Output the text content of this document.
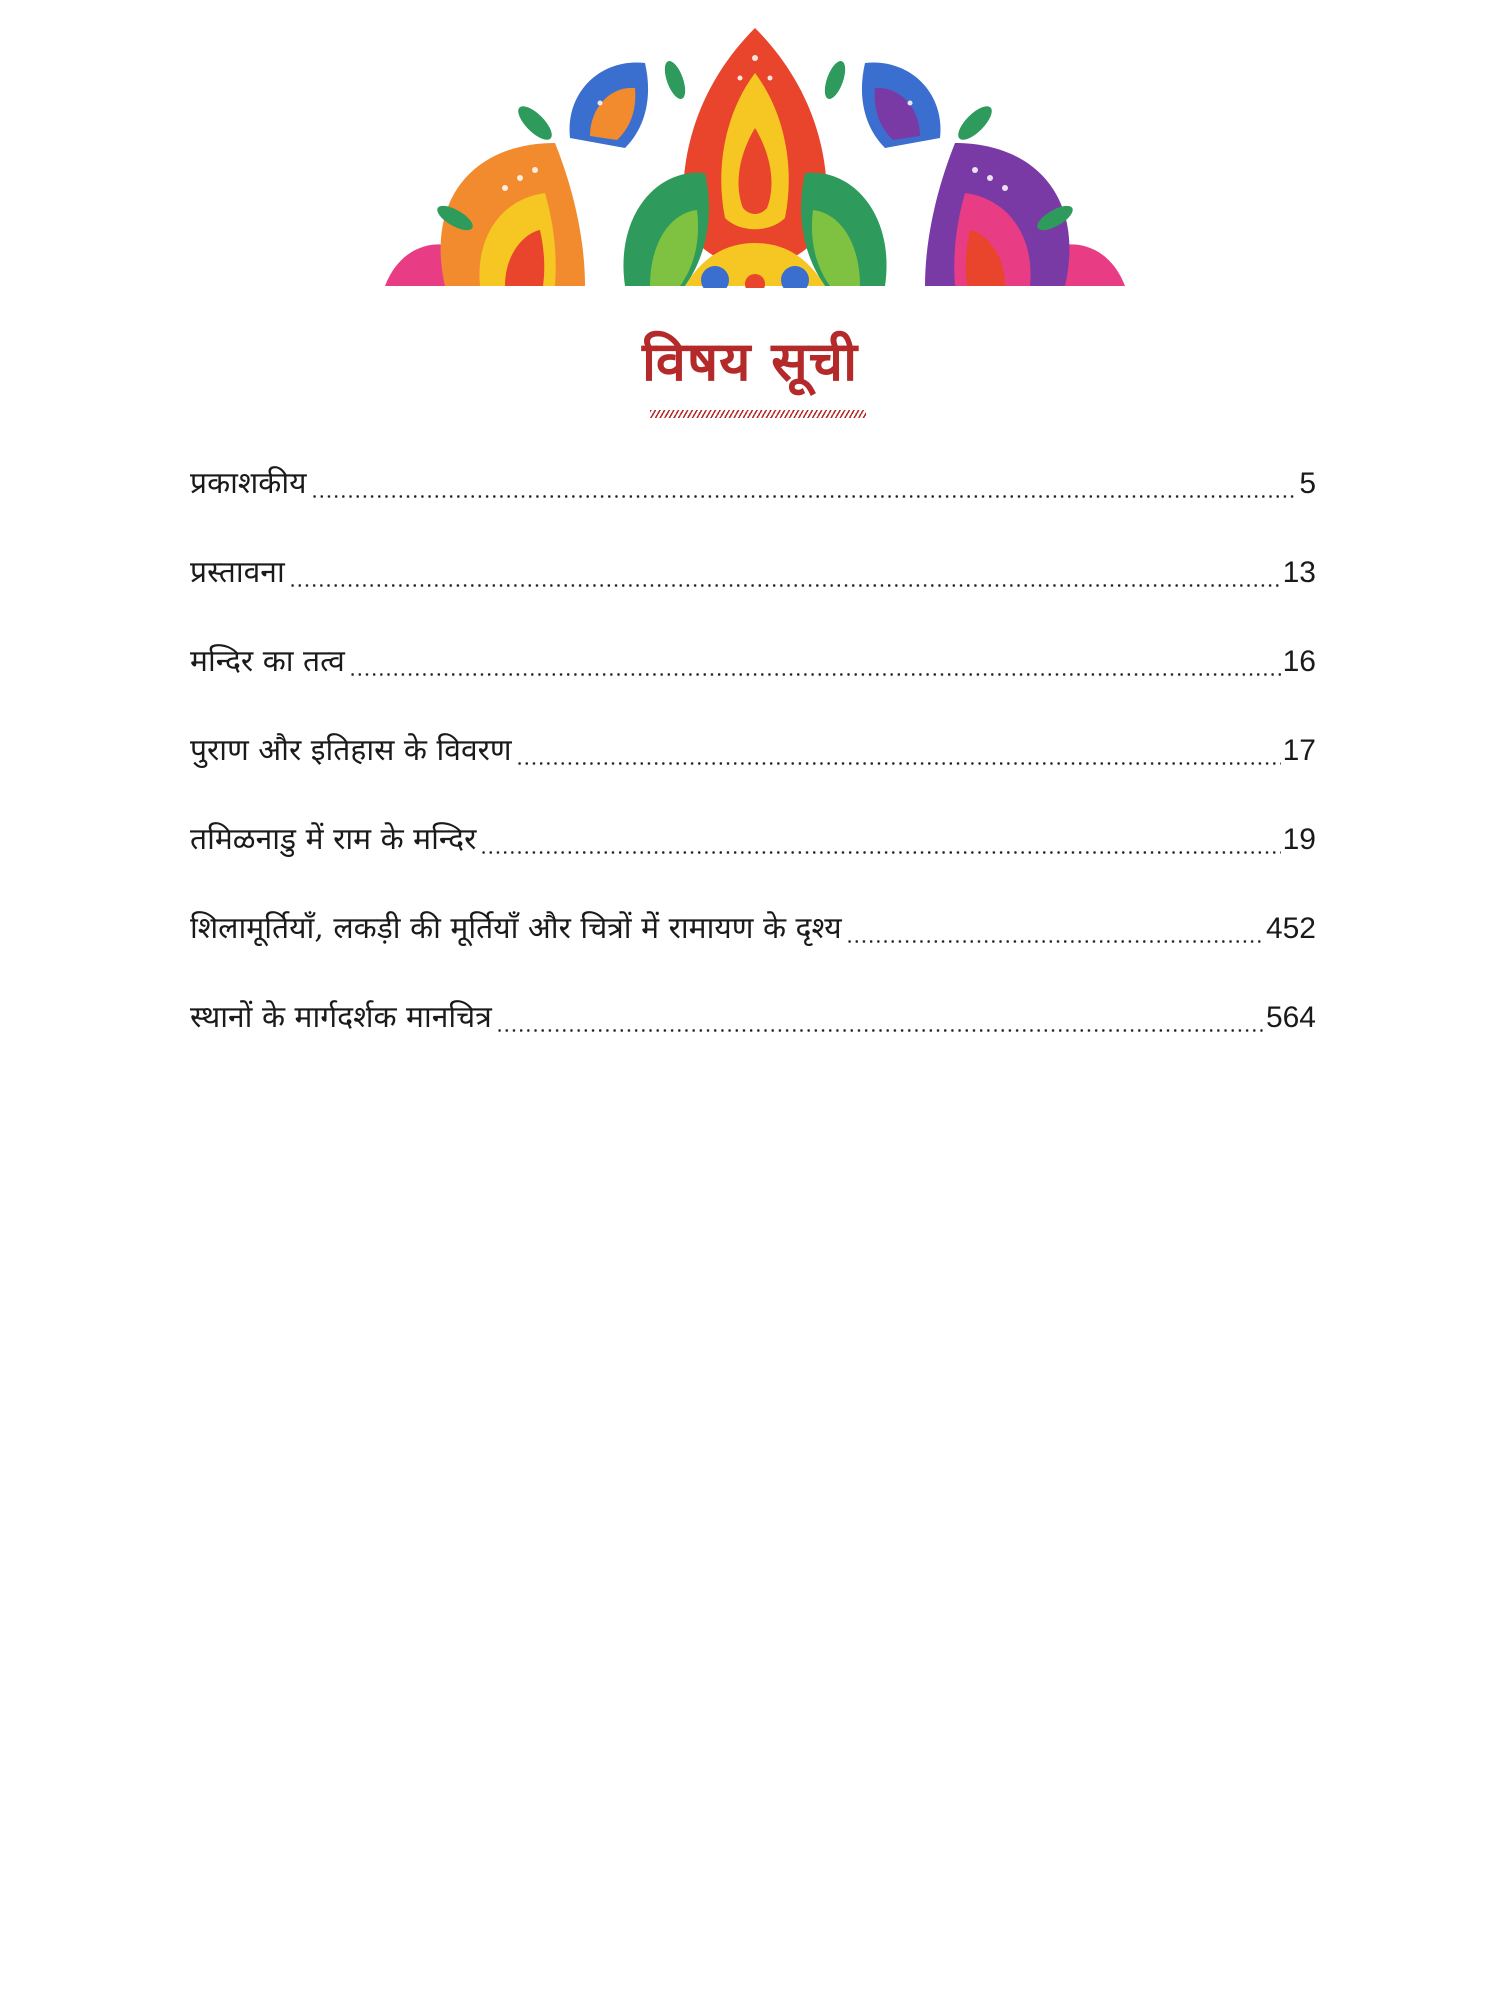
विषय सूची
प्रकाशकीय	5
प्रस्तावना	13
मन्दिर का तत्व	16
पुराण और इतिहास के विवरण	17
तमिळनाडु में राम के मन्दिर	19
शिलामूर्तियाँ, लकड़ी की मूर्तियाँ और चित्रों में रामायण के दृश्य	452
स्थानों के मार्गदर्शक मानचित्र	564
